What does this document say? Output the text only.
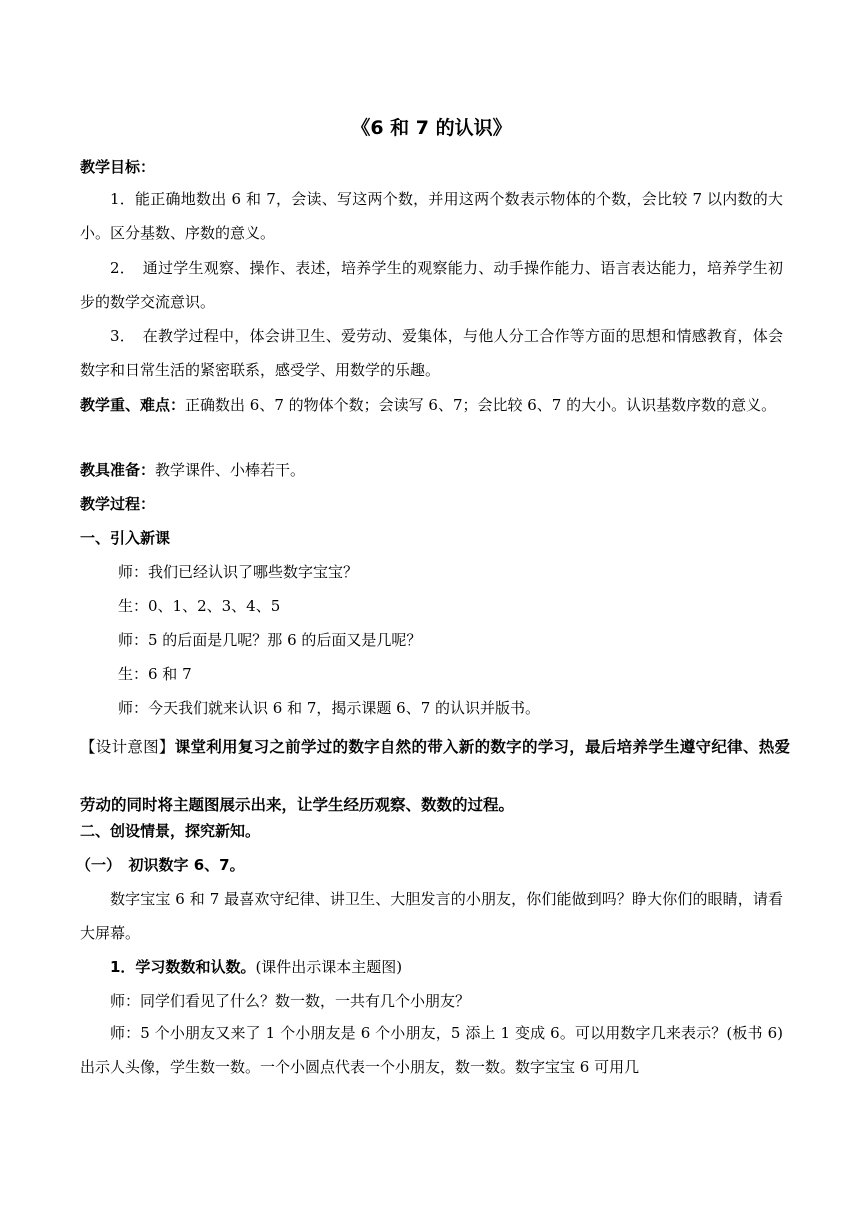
《6 和 7 的认识》
教学目标：
1．能正确地数出 6 和 7，会读、写这两个数，并用这两个数表示物体的个数，会比较 7 以内数的大小。区分基数、序数的意义。
2．　通过学生观察、操作、表述，培养学生的观察能力、动手操作能力、语言表达能力，培养学生初步的数学交流意识。
3．　在教学过程中，体会讲卫生、爱劳动、爱集体，与他人分工合作等方面的思想和情感教育，体会数字和日常生活的紧密联系，感受学、用数学的乐趣。
教学重、难点：正确数出 6、7 的物体个数；会读写 6、7；会比较 6、7 的大小。认识基数序数的意义。
教具准备：教学课件、小棒若干。
教学过程：
一、引入新课
师：我们已经认识了哪些数字宝宝？
生：0、1、2、3、4、5
师：5 的后面是几呢？那 6 的后面又是几呢？
生：6 和 7
师：今天我们就来认识 6 和 7，揭示课题 6、7 的认识并版书。
【设计意图】课堂利用复习之前学过的数字自然的带入新的数字的学习，最后培养学生遵守纪律、热爱劳动的同时将主题图展示出来，让学生经历观察、数数的过程。
二、创设情景，探究新知。
（一）　初识数字 6、7。
数字宝宝 6 和 7 最喜欢守纪律、讲卫生、大胆发言的小朋友，你们能做到吗？睁大你们的眼睛，请看大屏幕。
1．学习数数和认数。(课件出示课本主题图)
师：同学们看见了什么？数一数，一共有几个小朋友？
师：5 个小朋友又来了 1 个小朋友是 6 个小朋友，5 添上 1 变成 6。可以用数字几来表示？(板书 6)出示人头像，学生数一数。一个小圆点代表一个小朋友，数一数。数字宝宝 6 可用几
